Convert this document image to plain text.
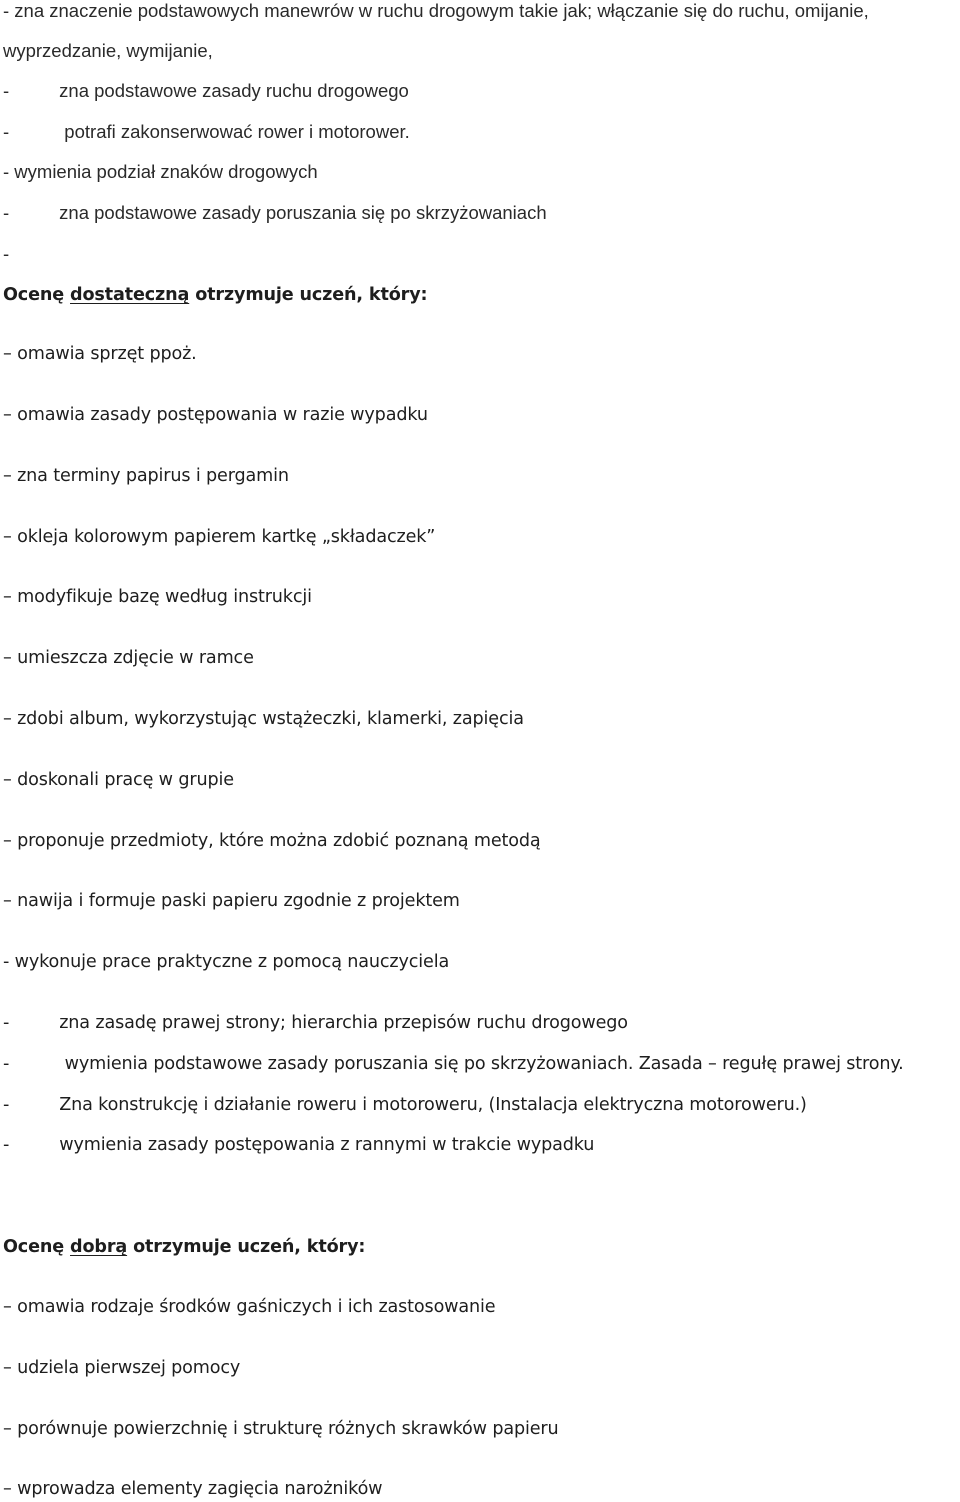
- zna znaczenie podstawowych manewrów w ruchu drogowym takie jak; włączanie się do ruchu, omijanie,
wyprzedzanie, wymijanie,
-	zna podstawowe zasady ruchu drogowego
-	potrafi zakonserwować rower i motorower.
- wymienia podział znaków drogowych
-	zna podstawowe zasady poruszania się po skrzyżowaniach
-
Ocenę dostateczną otrzymuje uczeń, który:
– omawia sprzęt ppoż.
– omawia zasady postępowania w razie wypadku
– zna terminy papirus i pergamin
– okleja kolorowym papierem kartkę „składaczek”
– modyfikuje bazę według instrukcji
– umieszcza zdjęcie w ramce
– zdobi album, wykorzystując wstążeczki, klamerki, zapięcia
– doskonali pracę w grupie
– proponuje przedmioty, które można zdobić poznaną metodą
– nawija i formuje paski papieru zgodnie z projektem
- wykonuje prace praktyczne z pomocą nauczyciela
-	zna zasadę prawej strony; hierarchia przepisów ruchu drogowego
-	wymienia podstawowe zasady poruszania się po skrzyżowaniach. Zasada – regułę prawej strony.
-	Zna konstrukcję i działanie roweru i motoroweru, (Instalacja elektryczna motoroweru.)
-	wymienia zasady postępowania z rannymi w trakcie wypadku
Ocenę dobrą otrzymuje uczeń, który:
– omawia rodzaje środków gaśniczych i ich zastosowanie
– udziela pierwszej pomocy
– porównuje powierzchnię i strukturę różnych skrawków papieru
– wprowadza elementy zagięcia narożników
